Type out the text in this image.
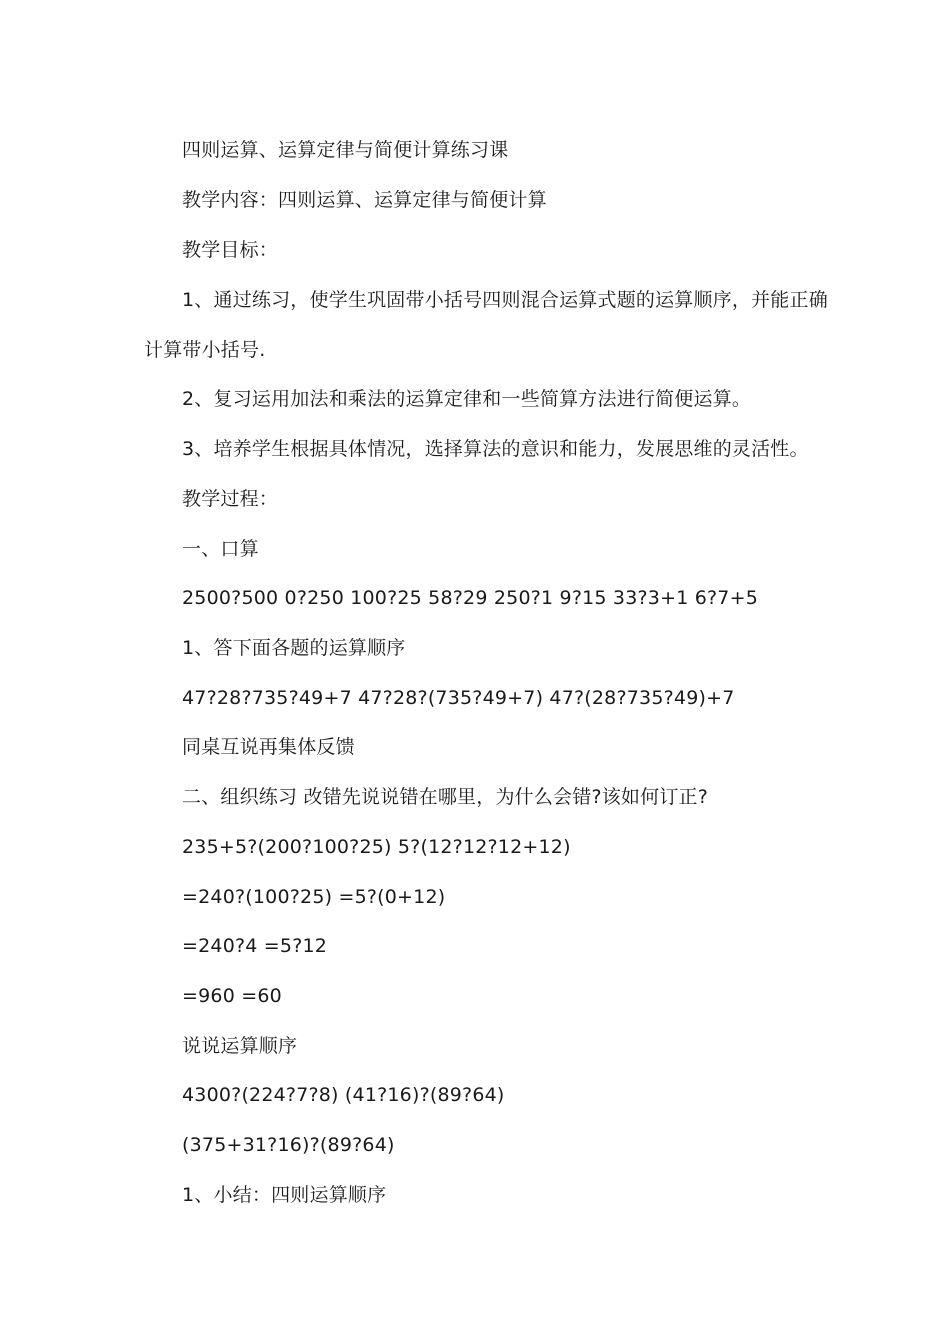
四则运算、运算定律与简便计算练习课
教学内容：四则运算、运算定律与简便计算
教学目标：
1、通过练习，使学生巩固带小括号四则混合运算式题的运算顺序，并能正确
计算带小括号.
2、复习运用加法和乘法的运算定律和一些简算方法进行简便运算。
3、培养学生根据具体情况，选择算法的意识和能力，发展思维的灵活性。
教学过程：
一、口算
2500?500 0?250 100?25 58?29 250?1 9?15 33?3+1 6?7+5
1、答下面各题的运算顺序
47?28?735?49+7 47?28?(735?49+7) 47?(28?735?49)+7
同桌互说再集体反馈
二、组织练习 改错先说说错在哪里，为什么会错?该如何订正?
235+5?(200?100?25) 5?(12?12?12+12)
=240?(100?25) =5?(0+12)
=240?4 =5?12
=960 =60
说说运算顺序
4300?(224?7?8) (41?16)?(89?64)
(375+31?16)?(89?64)
1、小结：四则运算顺序
